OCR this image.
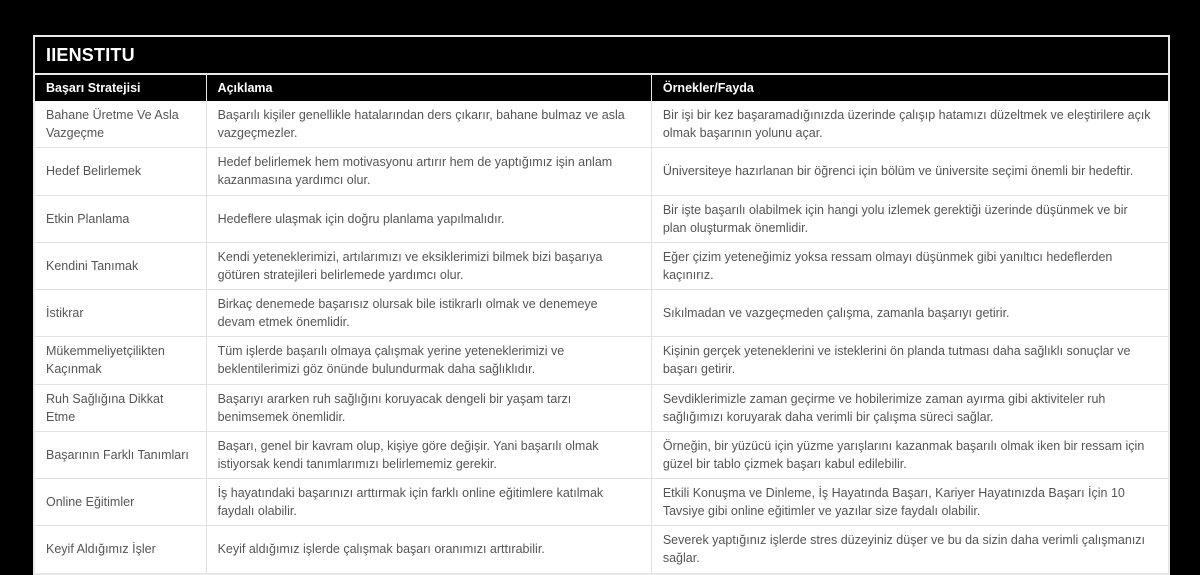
IIENSTITU
Başarı Stratejisi	Açıklama	Örnekler/Fayda
Bahane Üretme Ve Asla Vazgeçme	Başarılı kişiler genellikle hatalarından ders çıkarır, bahane bulmaz ve asla vazgeçmezler.	Bir işi bir kez başaramadığınızda üzerinde çalışıp hatamızı düzeltmek ve eleştirilere açık olmak başarının yolunu açar.
Hedef Belirlemek	Hedef belirlemek hem motivasyonu artırır hem de yaptığımız işin anlam kazanmasına yardımcı olur.	Üniversiteye hazırlanan bir öğrenci için bölüm ve üniversite seçimi önemli bir hedeftir.
Etkin Planlama	Hedeflere ulaşmak için doğru planlama yapılmalıdır.	Bir işte başarılı olabilmek için hangi yolu izlemek gerektiği üzerinde düşünmek ve bir plan oluşturmak önemlidir.
Kendini Tanımak	Kendi yeteneklerimizi, artılarımızı ve eksiklerimizi bilmek bizi başarıya götüren stratejileri belirlemede yardımcı olur.	Eğer çizim yeteneğimiz yoksa ressam olmayı düşünmek gibi yanıltıcı hedeflerden kaçınırız.
İstikrar	Birkaç denemede başarısız olursak bile istikrarlı olmak ve denemeye devam etmek önemlidir.	Sıkılmadan ve vazgeçmeden çalışma, zamanla başarıyı getirir.
Mükemmeliyetçilikten Kaçınmak	Tüm işlerde başarılı olmaya çalışmak yerine yeteneklerimizi ve beklentilerimizi göz önünde bulundurmak daha sağlıklıdır.	Kişinin gerçek yeteneklerini ve isteklerini ön planda tutması daha sağlıklı sonuçlar ve başarı getirir.
Ruh Sağlığına Dikkat Etme	Başarıyı ararken ruh sağlığını koruyacak dengeli bir yaşam tarzı benimsemek önemlidir.	Sevdiklerimizle zaman geçirme ve hobilerimize zaman ayırma gibi aktiviteler ruh sağlığımızı koruyarak daha verimli bir çalışma süreci sağlar.
Başarının Farklı Tanımları	Başarı, genel bir kavram olup, kişiye göre değişir. Yani başarılı olmak istiyorsak kendi tanımlarımızı belirlememiz gerekir.	Örneğin, bir yüzücü için yüzme yarışlarını kazanmak başarılı olmak iken bir ressam için güzel bir tablo çizmek başarı kabul edilebilir.
Online Eğitimler	İş hayatındaki başarınızı arttırmak için farklı online eğitimlere katılmak faydalı olabilir.	Etkili Konuşma ve Dinleme, İş Hayatında Başarı, Kariyer Hayatınızda Başarı İçin 10 Tavsiye gibi online eğitimler ve yazılar size faydalı olabilir.
Keyif Aldığımız İşler	Keyif aldığımız işlerde çalışmak başarı oranımızı arttırabilir.	Severek yaptığınız işlerde stres düzeyiniz düşer ve bu da sizin daha verimli çalışmanızı sağlar.
